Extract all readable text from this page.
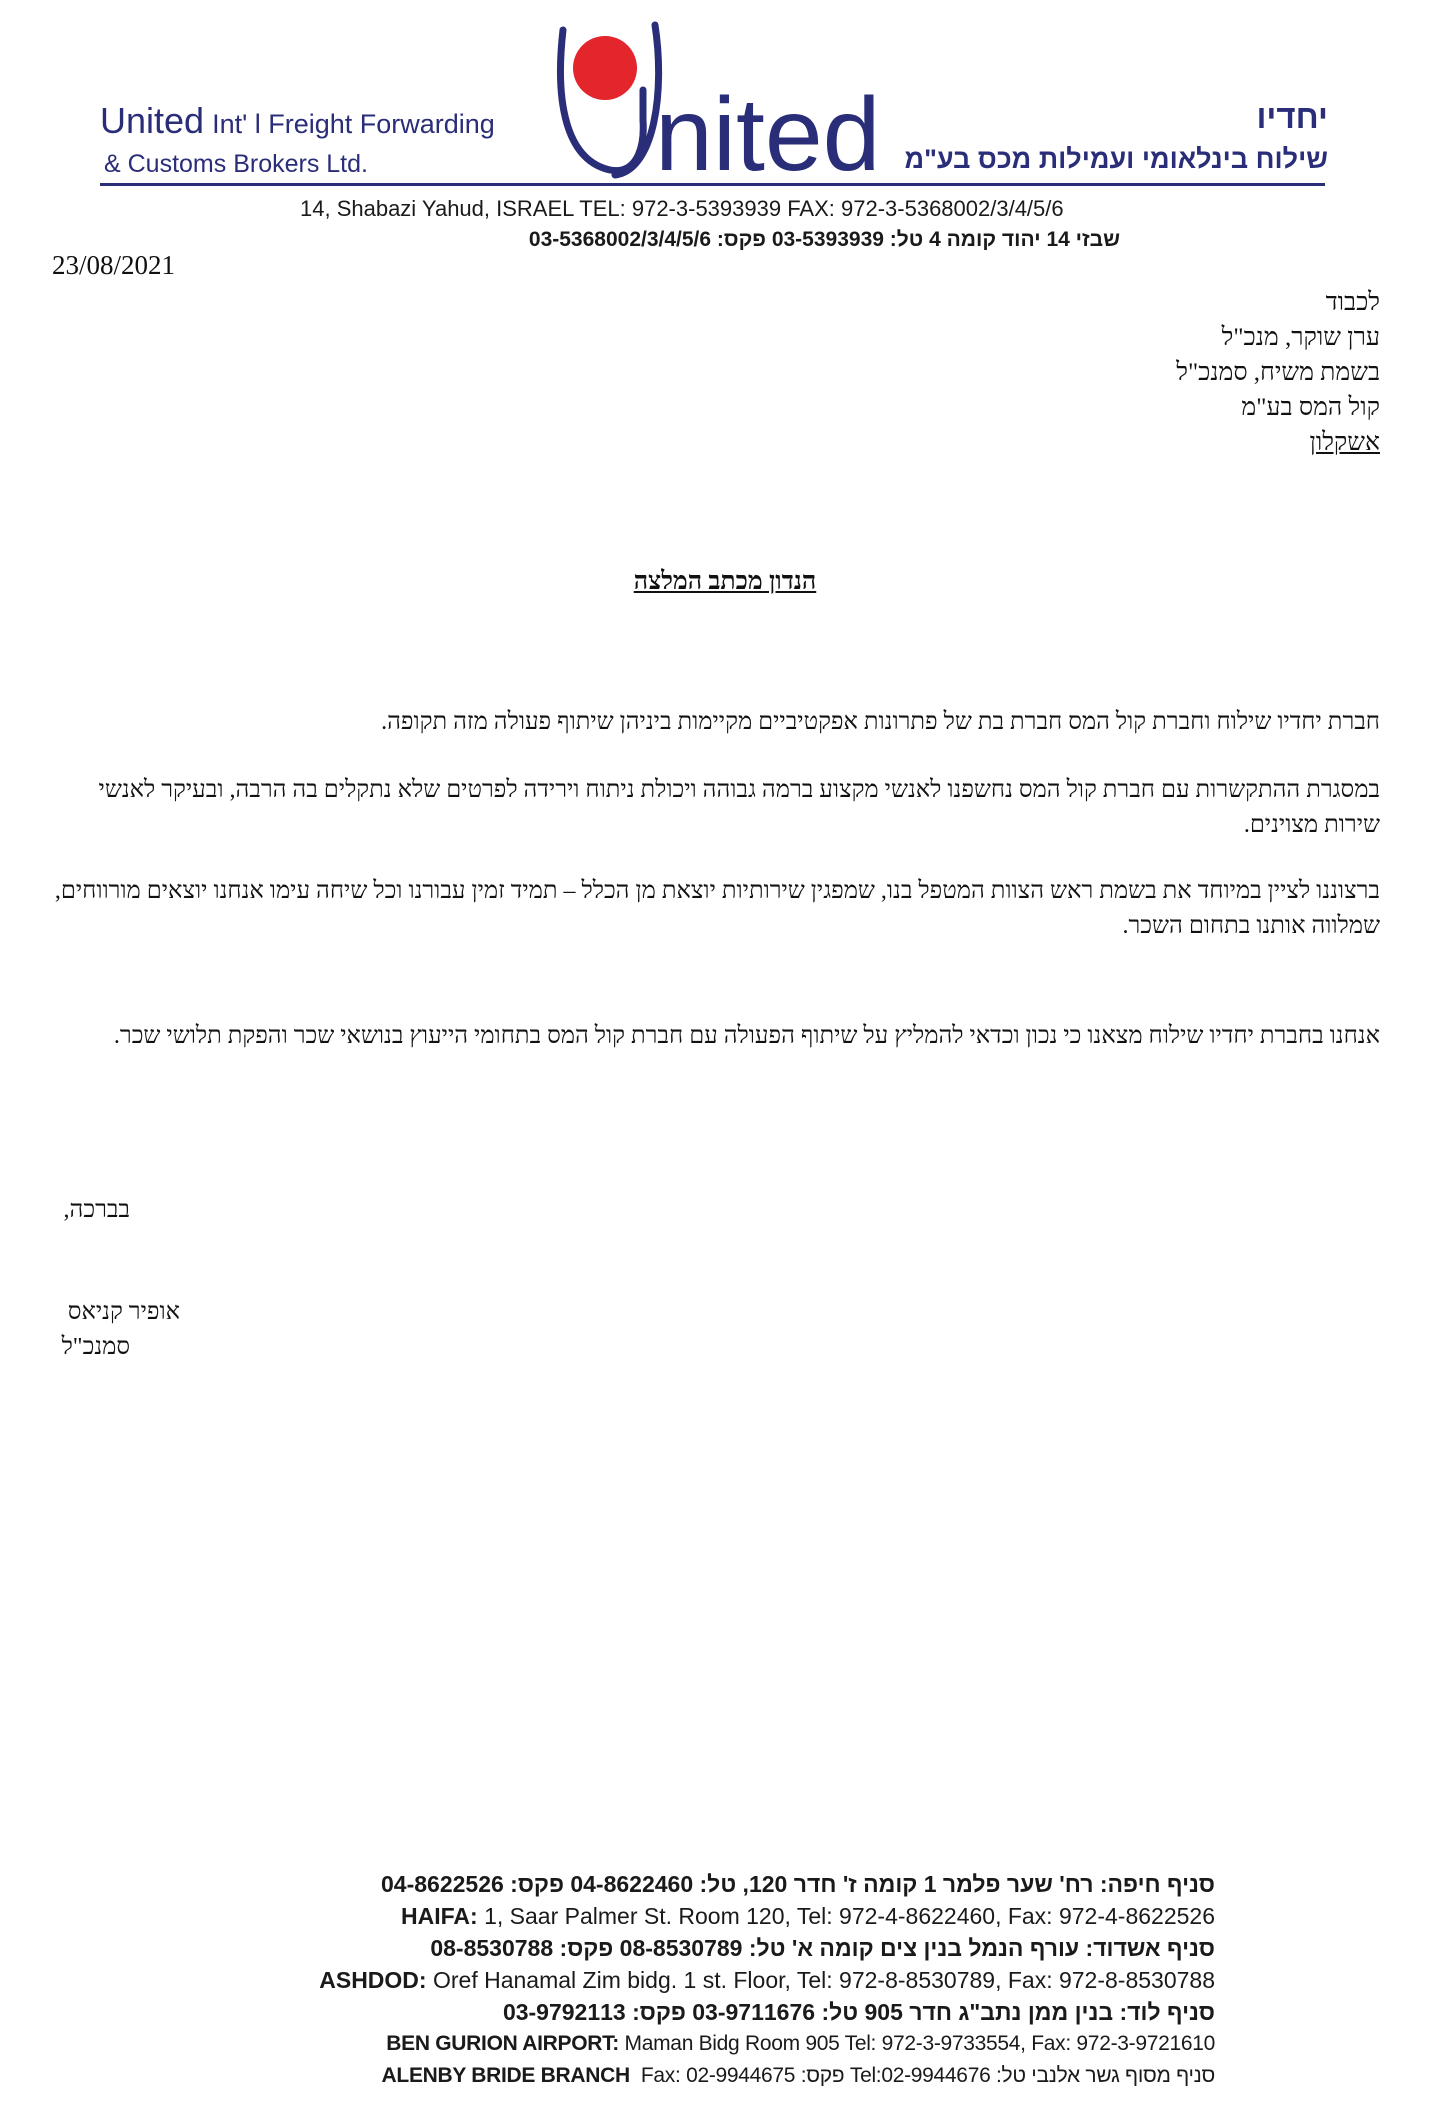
United Int' l Freight Forwarding
& Customs Brokers Ltd.	nited	יחדיו
שילוח בינלאומי ועמילות מכס בע"מ
14, Shabazi Yahud, ISRAEL TEL: 972-3-5393939 FAX: 972-3-5368002/3/4/5/6
שבזי 14 יהוד קומה 4 טל: 03-5393939 פקס: 03-5368002/3/4/5/6
23/08/2021
לכבוד
ערן שוקר, מנכ"ל
בשמת משיח, סמנכ"ל
קול המס בע"מ
אשקלון
הנדון מכתב המלצה
חברת יחדיו שילוח וחברת קול המס חברת בת של פתרונות אפקטיביים מקיימות ביניהן שיתוף פעולה מזה תקופה.
במסגרת ההתקשרות עם חברת קול המס נחשפנו לאנשי מקצוע ברמה גבוהה ויכולת ניתוח וירידה לפרטים שלא נתקלים בה הרבה, ובעיקר לאנשי שירות מצוינים.
ברצוננו לציין במיוחד את בשמת ראש הצוות המטפל בנו, שמפגין שירותיות יוצאת מן הכלל – תמיד זמין עבורנו וכל שיחה עימו אנחנו יוצאים מורווחים, שמלווה אותנו בתחום השכר.
אנחנו בחברת יחדיו שילוח מצאנו כי נכון וכדאי להמליץ על שיתוף הפעולה עם חברת קול המס בתחומי הייעוץ בנושאי שכר והפקת תלושי שכר.
בברכה,
אופיר קניאס
סמנכ"ל
סניף חיפה: רח' שער פלמר 1 קומה ז' חדר 120, טל: 04-8622460 פקס: 04-8622526
HAIFA: 1, Saar Palmer St. Room 120, Tel: 972-4-8622460, Fax: 972-4-8622526
סניף אשדוד: עורף הנמל בנין צים קומה א' טל: 08-8530789 פקס: 08-8530788
ASHDOD: Oref Hanamal Zim bidg. 1 st. Floor, Tel: 972-8-8530789, Fax: 972-8-8530788
סניף לוד: בנין ממן נתב"ג חדר 905 טל: 03-9711676 פקס: 03-9792113
BEN GURION AIRPORT: Maman Bidg Room 905 Tel: 972-3-9733554, Fax: 972-3-9721610
ALENBY BRIDE BRANCH Fax: 02-9944675 :פקס Tel:02-9944676 :סניף מסוף גשר אלנבי טל
